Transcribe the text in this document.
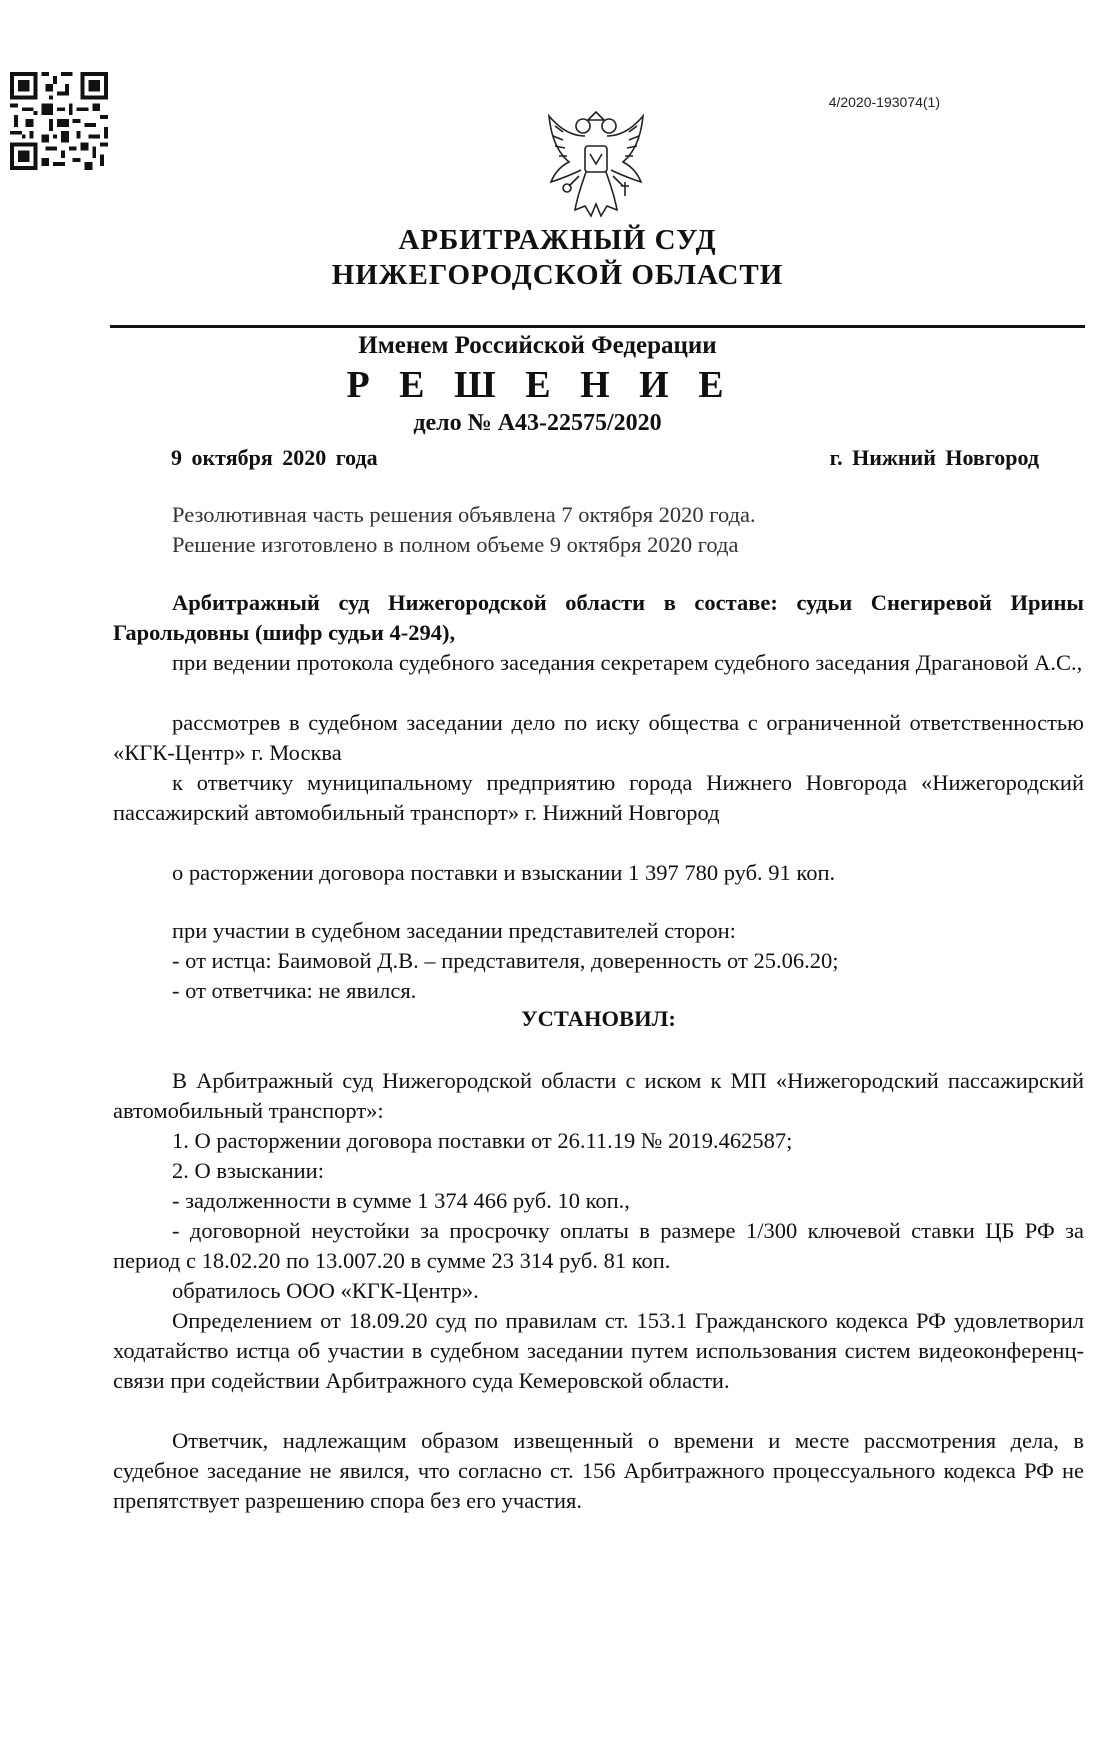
4/2020-193074(1)
АРБИТРАЖНЫЙ СУД
НИЖЕГОРОДСКОЙ ОБЛАСТИ
Именем Российской Федерации
Р Е Ш Е Н И Е
дело № А43-22575/2020
9 октября 2020 года	г. Нижний Новгород
Резолютивная часть решения объявлена 7 октября 2020 года.
Решение изготовлено в полном объеме 9 октября 2020 года
Арбитражный суд Нижегородской области в составе: судьи Снегиревой Ирины Гарольдовны (шифр судьи 4-294),
при ведении протокола судебного заседания секретарем судебного заседания Драгановой А.С.,
рассмотрев в судебном заседании дело по иску общества с ограниченной ответственностью «КГК-Центр» г. Москва
к ответчику муниципальному предприятию города Нижнего Новгорода «Нижегородский пассажирский автомобильный транспорт» г. Нижний Новгород
о расторжении договора поставки и взыскании 1 397 780 руб. 91 коп.
при участии в судебном заседании представителей сторон:
- от истца: Баимовой Д.В. – представителя, доверенность от 25.06.20;
- от ответчика: не явился.
УСТАНОВИЛ:
В Арбитражный суд Нижегородской области с иском к МП «Нижегородский пассажирский автомобильный транспорт»:
1. О расторжении договора поставки от 26.11.19 № 2019.462587;
2. О взыскании:
- задолженности в сумме 1 374 466 руб. 10 коп.,
- договорной неустойки за просрочку оплаты в размере 1/300 ключевой ставки ЦБ РФ за период с 18.02.20 по 13.007.20 в сумме 23 314 руб. 81 коп.
обратилось ООО «КГК-Центр».
Определением от 18.09.20 суд по правилам ст. 153.1 Гражданского кодекса РФ удовлетворил ходатайство истца об участии в судебном заседании путем использования систем видеоконференц-связи при содействии Арбитражного суда Кемеровской области.
Ответчик, надлежащим образом извещенный о времени и месте рассмотрения дела, в судебное заседание не явился, что согласно ст. 156 Арбитражного процессуального кодекса РФ не препятствует разрешению спора без его участия.
